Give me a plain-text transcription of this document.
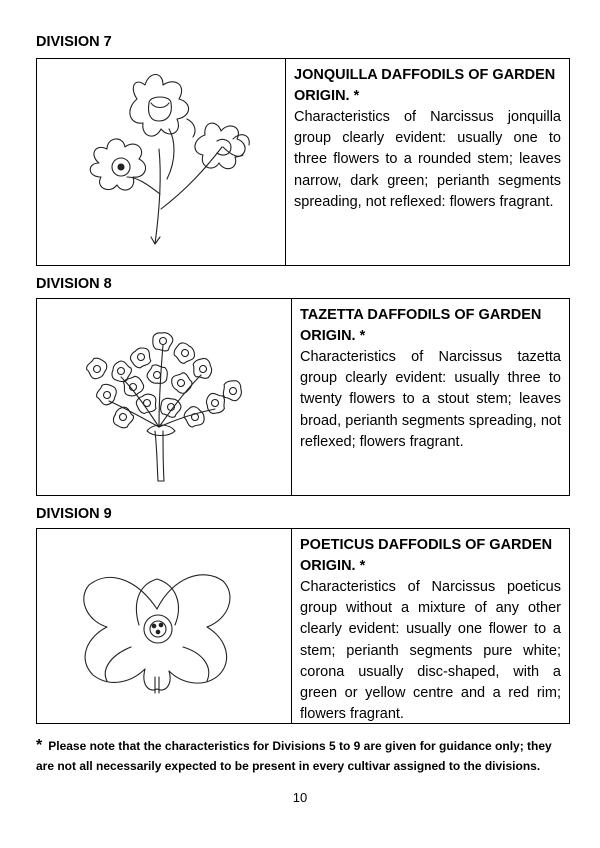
DIVISION 7
JONQUILLA DAFFODILS OF GARDEN ORIGIN. *
Characteristics of Narcissus jonquilla group clearly evident: usually one to three flowers to a rounded stem; leaves narrow, dark green; perianth segments spreading, not reflexed: flowers fragrant.
DIVISION 8
TAZETTA DAFFODILS OF GARDEN ORIGIN. *
Characteristics of Narcissus tazetta group clearly evident: usually three to twenty flowers to a stout stem; leaves broad, perianth segments spreading, not reflexed; flowers fragrant.
DIVISION 9
POETICUS DAFFODILS OF GARDEN ORIGIN. *
Characteristics of Narcissus poeticus group without a mixture of any other clearly evident: usually one flower to a stem; perianth segments pure white; corona usually disc-shaped, with a green or yellow centre and a red rim; flowers fragrant.
* Please note that the characteristics for Divisions 5 to 9 are given for guidance only; they are not all necessarily expected to be present in every cultivar assigned to the divisions.
10
